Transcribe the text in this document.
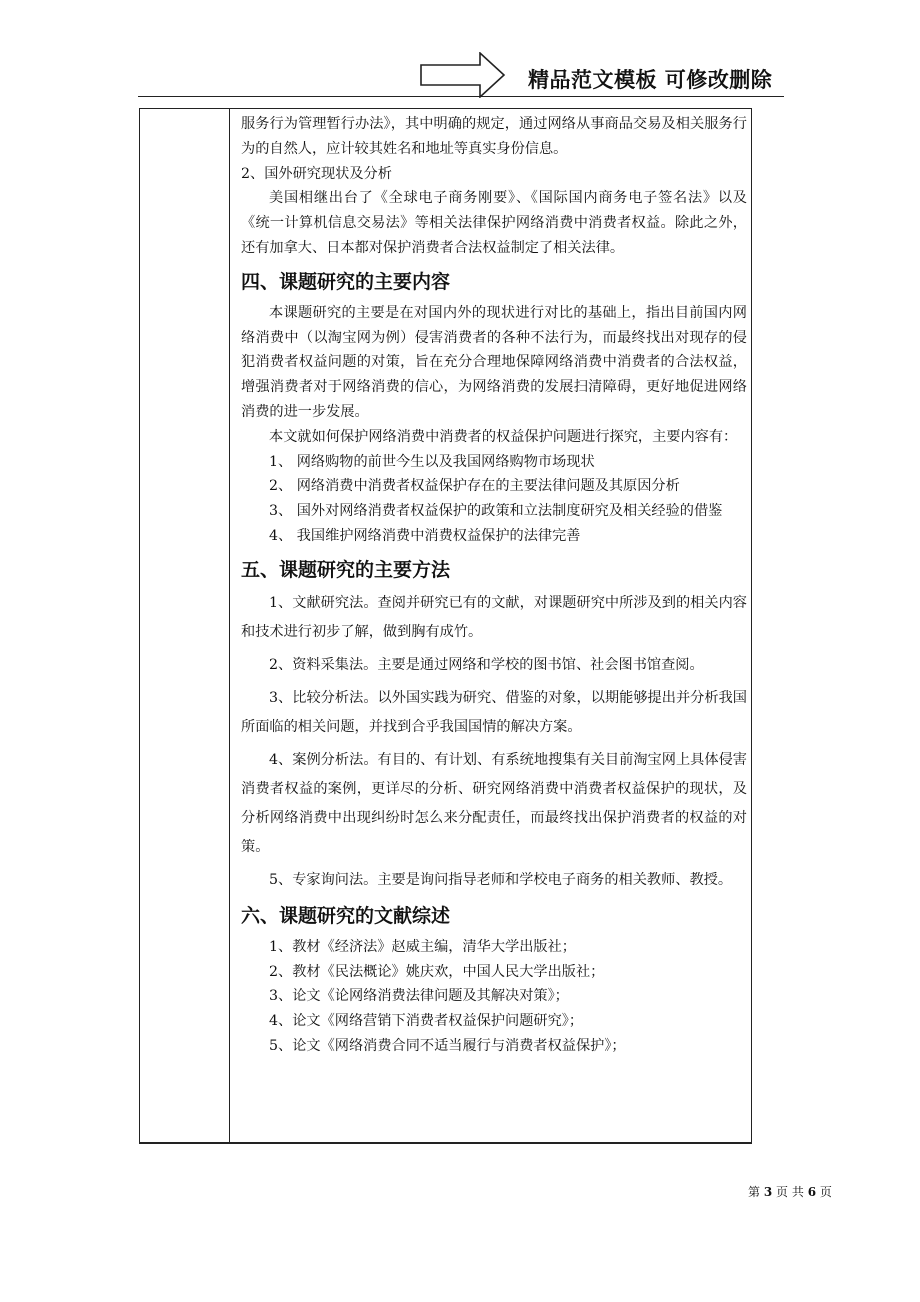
精品范文模板 可修改删除

服务行为管理暂行办法》，其中明确的规定，通过网络从事商品交易及相关服务行为的自然人，应计较其姓名和地址等真实身份信息。

2、国外研究现状及分析

美国相继出台了《全球电子商务刚要》、《国际国内商务电子签名法》以及《统一计算机信息交易法》等相关法律保护网络消费中消费者权益。除此之外，还有加拿大、日本都对保护消费者合法权益制定了相关法律。

四、课题研究的主要内容

本课题研究的主要是在对国内外的现状进行对比的基础上，指出目前国内网络消费中（以淘宝网为例）侵害消费者的各种不法行为，而最终找出对现存的侵犯消费者权益问题的对策，旨在充分合理地保障网络消费中消费者的合法权益，增强消费者对于网络消费的信心，为网络消费的发展扫清障碍，更好地促进网络消费的进一步发展。

本文就如何保护网络消费中消费者的权益保护问题进行探究，主要内容有：

1、 网络购物的前世今生以及我国网络购物市场现状

2、 网络消费中消费者权益保护存在的主要法律问题及其原因分析

3、 国外对网络消费者权益保护的政策和立法制度研究及相关经验的借鉴

4、 我国维护网络消费中消费权益保护的法律完善

五、课题研究的主要方法

1、文献研究法。查阅并研究已有的文献，对课题研究中所涉及到的相关内容和技术进行初步了解，做到胸有成竹。

2、资料采集法。主要是通过网络和学校的图书馆、社会图书馆查阅。

3、比较分析法。以外国实践为研究、借鉴的对象，以期能够提出并分析我国所面临的相关问题，并找到合乎我国国情的解决方案。

4、案例分析法。有目的、有计划、有系统地搜集有关目前淘宝网上具体侵害消费者权益的案例，更详尽的分析、研究网络消费中消费者权益保护的现状，及分析网络消费中出现纠纷时怎么来分配责任，而最终找出保护消费者的权益的对策。

5、专家询问法。主要是询问指导老师和学校电子商务的相关教师、教授。

六、课题研究的文献综述

1、教材《经济法》赵威主编，清华大学出版社；

2、教材《民法概论》姚庆欢，中国人民大学出版社；

3、论文《论网络消费法律问题及其解决对策》；

4、论文《网络营销下消费者权益保护问题研究》；

5、论文《网络消费合同不适当履行与消费者权益保护》；

第 3 页 共 6 页
